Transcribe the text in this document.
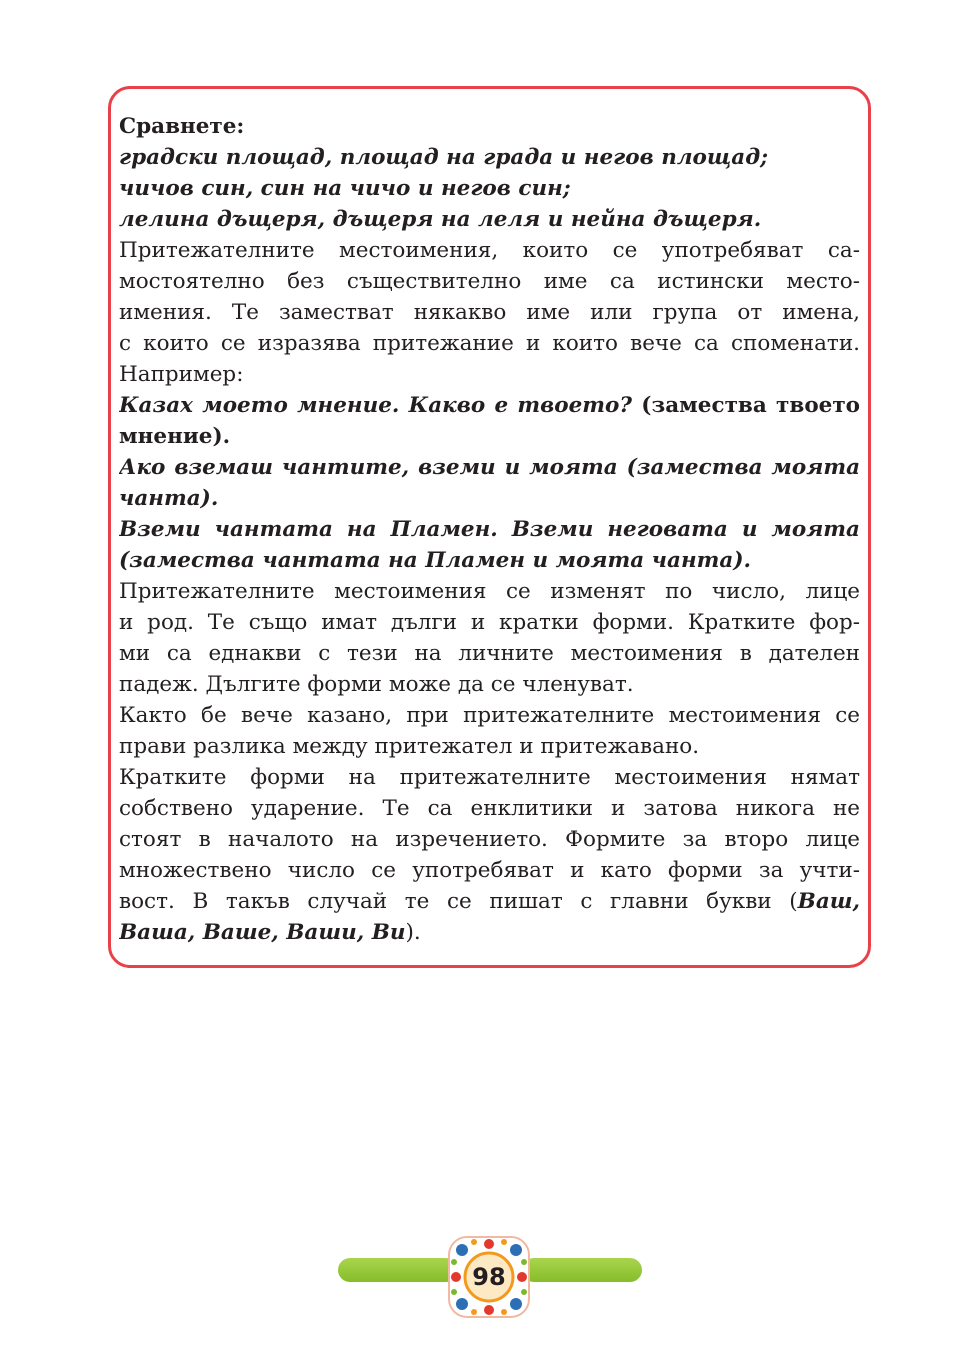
Сравнете:
градски площад, площад на града и негов площад;
чичов син, син на чичо и негов син;
лелина дъщеря, дъщеря на леля и нейна дъщеря.
Притежателните местоимения, които се употребяват са-
мостоятелно без съществително име са истински место-
имения. Те заместват някакво име или група от имена,
с които се изразява притежание и които вече са споменати.
Например:
Казах моето мнение. Какво е твоето? (замества твоето
мнение).
Ако вземаш чантите, вземи и моята (замества моята
чанта).
Вземи чантата на Пламен. Вземи неговата и моята
(замества чантата на Пламен и моята чанта).
Притежателните местоимения се изменят по число, лице
и род. Те също имат дълги и кратки форми. Кратките фор-
ми са еднакви с тези на личните местоимения в дателен
падеж. Дългите форми може да се членуват.
Както бе вече казано, при притежателните местоимения се
прави разлика между притежател и притежавано.
Кратките форми на притежателните местоимения нямат
собствено ударение. Те са енклитики и затова никога не
стоят в началото на изречението. Формите за второ лице
множествено число се употребяват и като форми за учти-
вост. В такъв случай те се пишат с главни букви (Ваш,
Ваша, Ваше, Ваши, Ви).
98
